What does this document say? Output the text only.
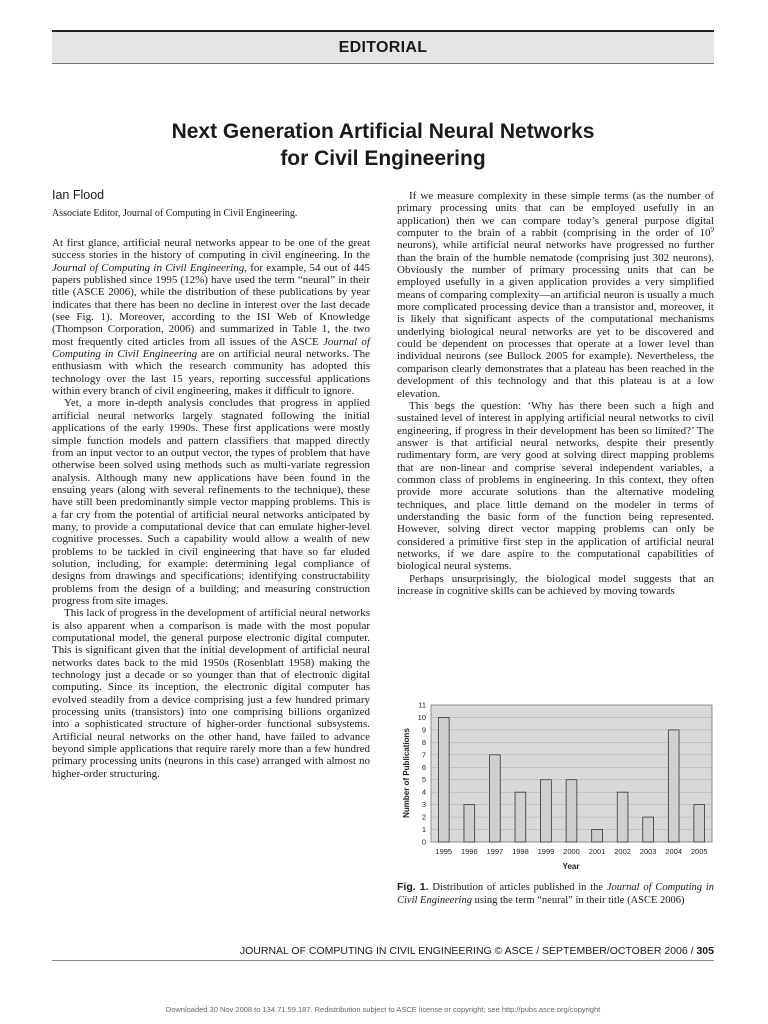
EDITORIAL
Next Generation Artificial Neural Networks
for Civil Engineering
Ian Flood
Associate Editor, Journal of Computing in Civil Engineering.

At first glance, artificial neural networks appear to be one of the great success stories in the history of computing in civil engineering. In the Journal of Computing in Civil Engineering, for example, 54 out of 445 papers published since 1995 (12%) have used the term “neural” in their title (ASCE 2006), while the distribution of these publications by year indicates that there has been no decline in interest over the last decade (see Fig. 1). Moreover, according to the ISI Web of Knowledge (Thompson Corporation, 2006) and summarized in Table 1, the two most frequently cited articles from all issues of the ASCE Journal of Computing in Civil Engineering are on artificial neural networks. The enthusiasm with which the research community has adopted this technology over the last 15 years, reporting successful applications within every branch of civil engineering, makes it difficult to ignore.

Yet, a more in-depth analysis concludes that progress in applied artificial neural networks largely stagnated following the initial applications of the early 1990s. These first applications were mostly simple function models and pattern classifiers that mapped directly from an input vector to an output vector, the types of problem that have otherwise been solved using methods such as multi-variate regression analysis. Although many new applications have been found in the ensuing years (along with several refinements to the technique), these have still been predominantly simple vector mapping problems. This is a far cry from the potential of artificial neural networks anticipated by many, to provide a computational device that can emulate higher-level cognitive processes. Such a capability would allow a wealth of new problems to be tackled in civil engineering that have so far eluded solution, including, for example: determining legal compliance of designs from drawings and specifications; identifying constructability problems from the design of a building; and measuring construction progress from site images.

This lack of progress in the development of artificial neural networks is also apparent when a comparison is made with the most popular computational model, the general purpose electronic digital computer. This is significant given that the initial development of artificial neural networks dates back to the mid 1950s (Rosenblatt 1958) making the technology just a decade or so younger than that of electronic digital computing. Since its inception, the electronic digital computer has evolved steadily from a device comprising just a few hundred primary processing units (transistors) into one comprising billions organized into a sophisticated structure of higher-order functional subsystems. Artificial neural networks on the other hand, have failed to advance beyond simple applications that require rarely more than a few hundred primary processing units (neurons in this case) arranged with almost no higher-order structuring.

If we measure complexity in these simple terms (as the number of primary processing units that can be employed usefully in an application) then we can compare today’s general purpose digital computer to the brain of a rabbit (comprising in the order of $10^9$ neurons), while artificial neural networks have progressed no further than the brain of the humble nematode (comprising just 302 neurons). Obviously the number of primary processing units that can be employed usefully in a given application provides a very simplified means of comparing complexity—an artificial neuron is usually a much more complicated processing device than a transistor and, moreover, it is likely that significant aspects of the computational mechanisms underlying biological neural networks are yet to be discovered and could be dependent on processes that operate at a lower level than individual neurons (see Bullock 2005 for example). Nevertheless, the comparison clearly demonstrates that a plateau has been reached in the development of this technology and that this plateau is at a low elevation.

This begs the question: ‘Why has there been such a high and sustained level of interest in applying artificial neural networks to civil engineering, if progress in their development has been so limited?’ The answer is that artificial neural networks, despite their presently rudimentary form, are very good at solving direct mapping problems that are non-linear and comprise several independent variables, a common class of problems in engineering. In this context, they often provide more accurate solutions than the alternative modeling techniques, and place little demand on the modeler in terms of understanding the basic form of the function being represented. However, solving direct vector mapping problems can only be considered a primitive first step in the application of artificial neural networks, if we dare aspire to the computational capabilities of biological neural systems.

Perhaps unsurprisingly, the biological model suggests that an increase in cognitive skills can be achieved by moving towards

0
1
2
3
4
5
6
7
8
9
10
11
1995 1996 1997 1998 1999 2000 2001 2002 2003 2004 2005
Number of Publications
Year
Fig. 1. Distribution of articles published in the Journal of Computing in Civil Engineering using the term “neural” in their title (ASCE 2006)
JOURNAL OF COMPUTING IN CIVIL ENGINEERING © ASCE / SEPTEMBER/OCTOBER 2006 / 305
Downloaded 30 Nov 2008 to 134.71.59.187. Redistribution subject to ASCE license or copyright; see http://pubs.asce.org/copyright
